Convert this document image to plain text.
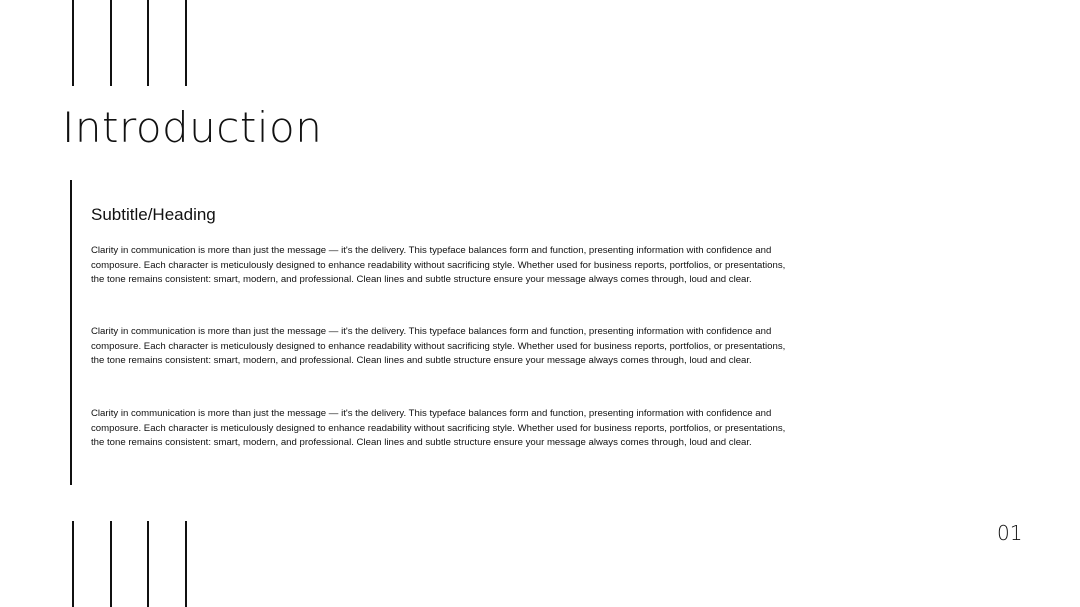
Introduction
Subtitle/Heading

Clarity in communication is more than just the message — it's the delivery. This typeface balances form and function, presenting information with confidence and composure. Each character is meticulously designed to enhance readability without sacrificing style. Whether used for business reports, portfolios, or presentations, the tone remains consistent: smart, modern, and professional. Clean lines and subtle structure ensure your message always comes through, loud and clear.

Clarity in communication is more than just the message — it's the delivery. This typeface balances form and function, presenting information with confidence and composure. Each character is meticulously designed to enhance readability without sacrificing style. Whether used for business reports, portfolios, or presentations, the tone remains consistent: smart, modern, and professional. Clean lines and subtle structure ensure your message always comes through, loud and clear.

Clarity in communication is more than just the message — it's the delivery. This typeface balances form and function, presenting information with confidence and composure. Each character is meticulously designed to enhance readability without sacrificing style. Whether used for business reports, portfolios, or presentations, the tone remains consistent: smart, modern, and professional. Clean lines and subtle structure ensure your message always comes through, loud and clear.

01
